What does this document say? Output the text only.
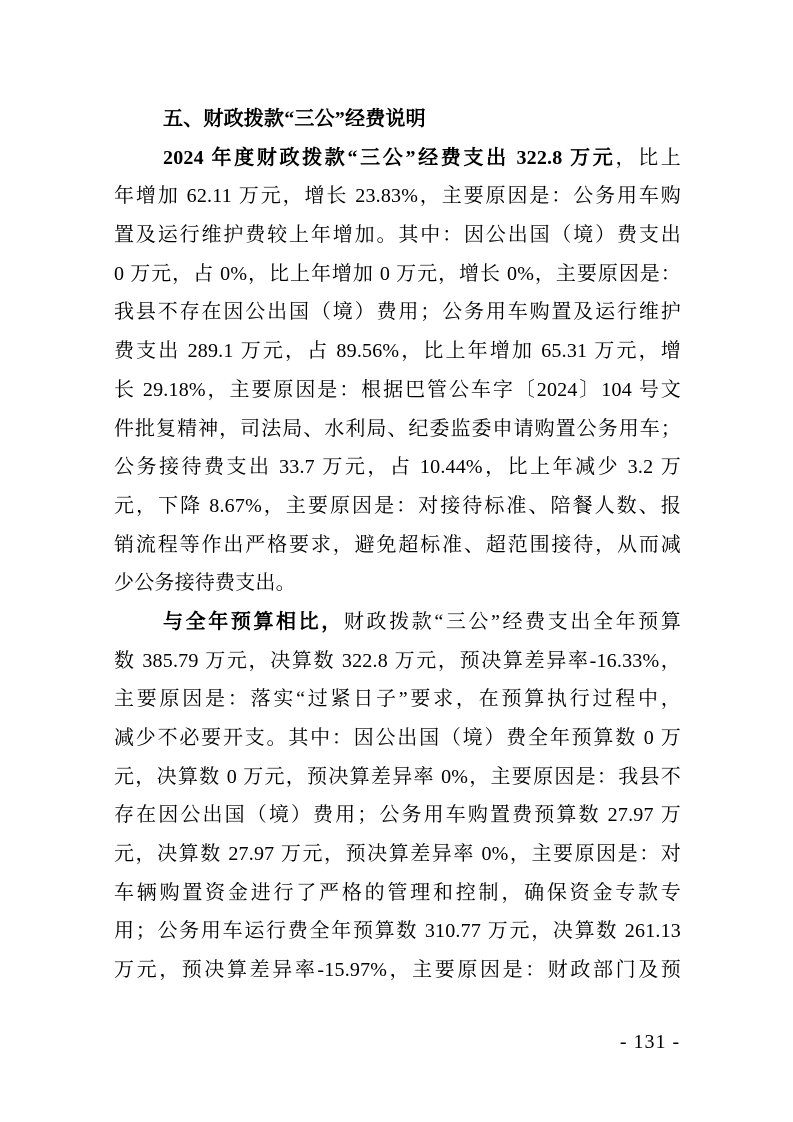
五、财政拨款“三公”经费说明
2024 年度财政拨款“三公”经费支出 322.8 万元，比上
年增加 62.11 万元，增长 23.83%，主要原因是：公务用车购
置及运行维护费较上年增加。其中：因公出国（境）费支出
0 万元，占 0%，比上年增加 0 万元，增长 0%，主要原因是：
我县不存在因公出国（境）费用；公务用车购置及运行维护
费支出 289.1 万元，占 89.56%，比上年增加 65.31 万元，增
长 29.18%，主要原因是：根据巴管公车字〔2024〕104 号文
件批复精神，司法局、水利局、纪委监委申请购置公务用车；
公务接待费支出 33.7 万元，占 10.44%，比上年减少 3.2 万
元，下降 8.67%，主要原因是：对接待标准、陪餐人数、报
销流程等作出严格要求，避免超标准、超范围接待，从而减
少公务接待费支出。
与全年预算相比，财政拨款“三公”经费支出全年预算
数 385.79 万元，决算数 322.8 万元，预决算差异率-16.33%，
主要原因是：落实“过紧日子”要求，在预算执行过程中，
减少不必要开支。其中：因公出国（境）费全年预算数 0 万
元，决算数 0 万元，预决算差异率 0%，主要原因是：我县不
存在因公出国（境）费用；公务用车购置费预算数 27.97 万
元，决算数 27.97 万元，预决算差异率 0%，主要原因是：对
车辆购置资金进行了严格的管理和控制，确保资金专款专
用；公务用车运行费全年预算数 310.77 万元，决算数 261.13
万元，预决算差异率-15.97%，主要原因是：财政部门及预
- 131 -
